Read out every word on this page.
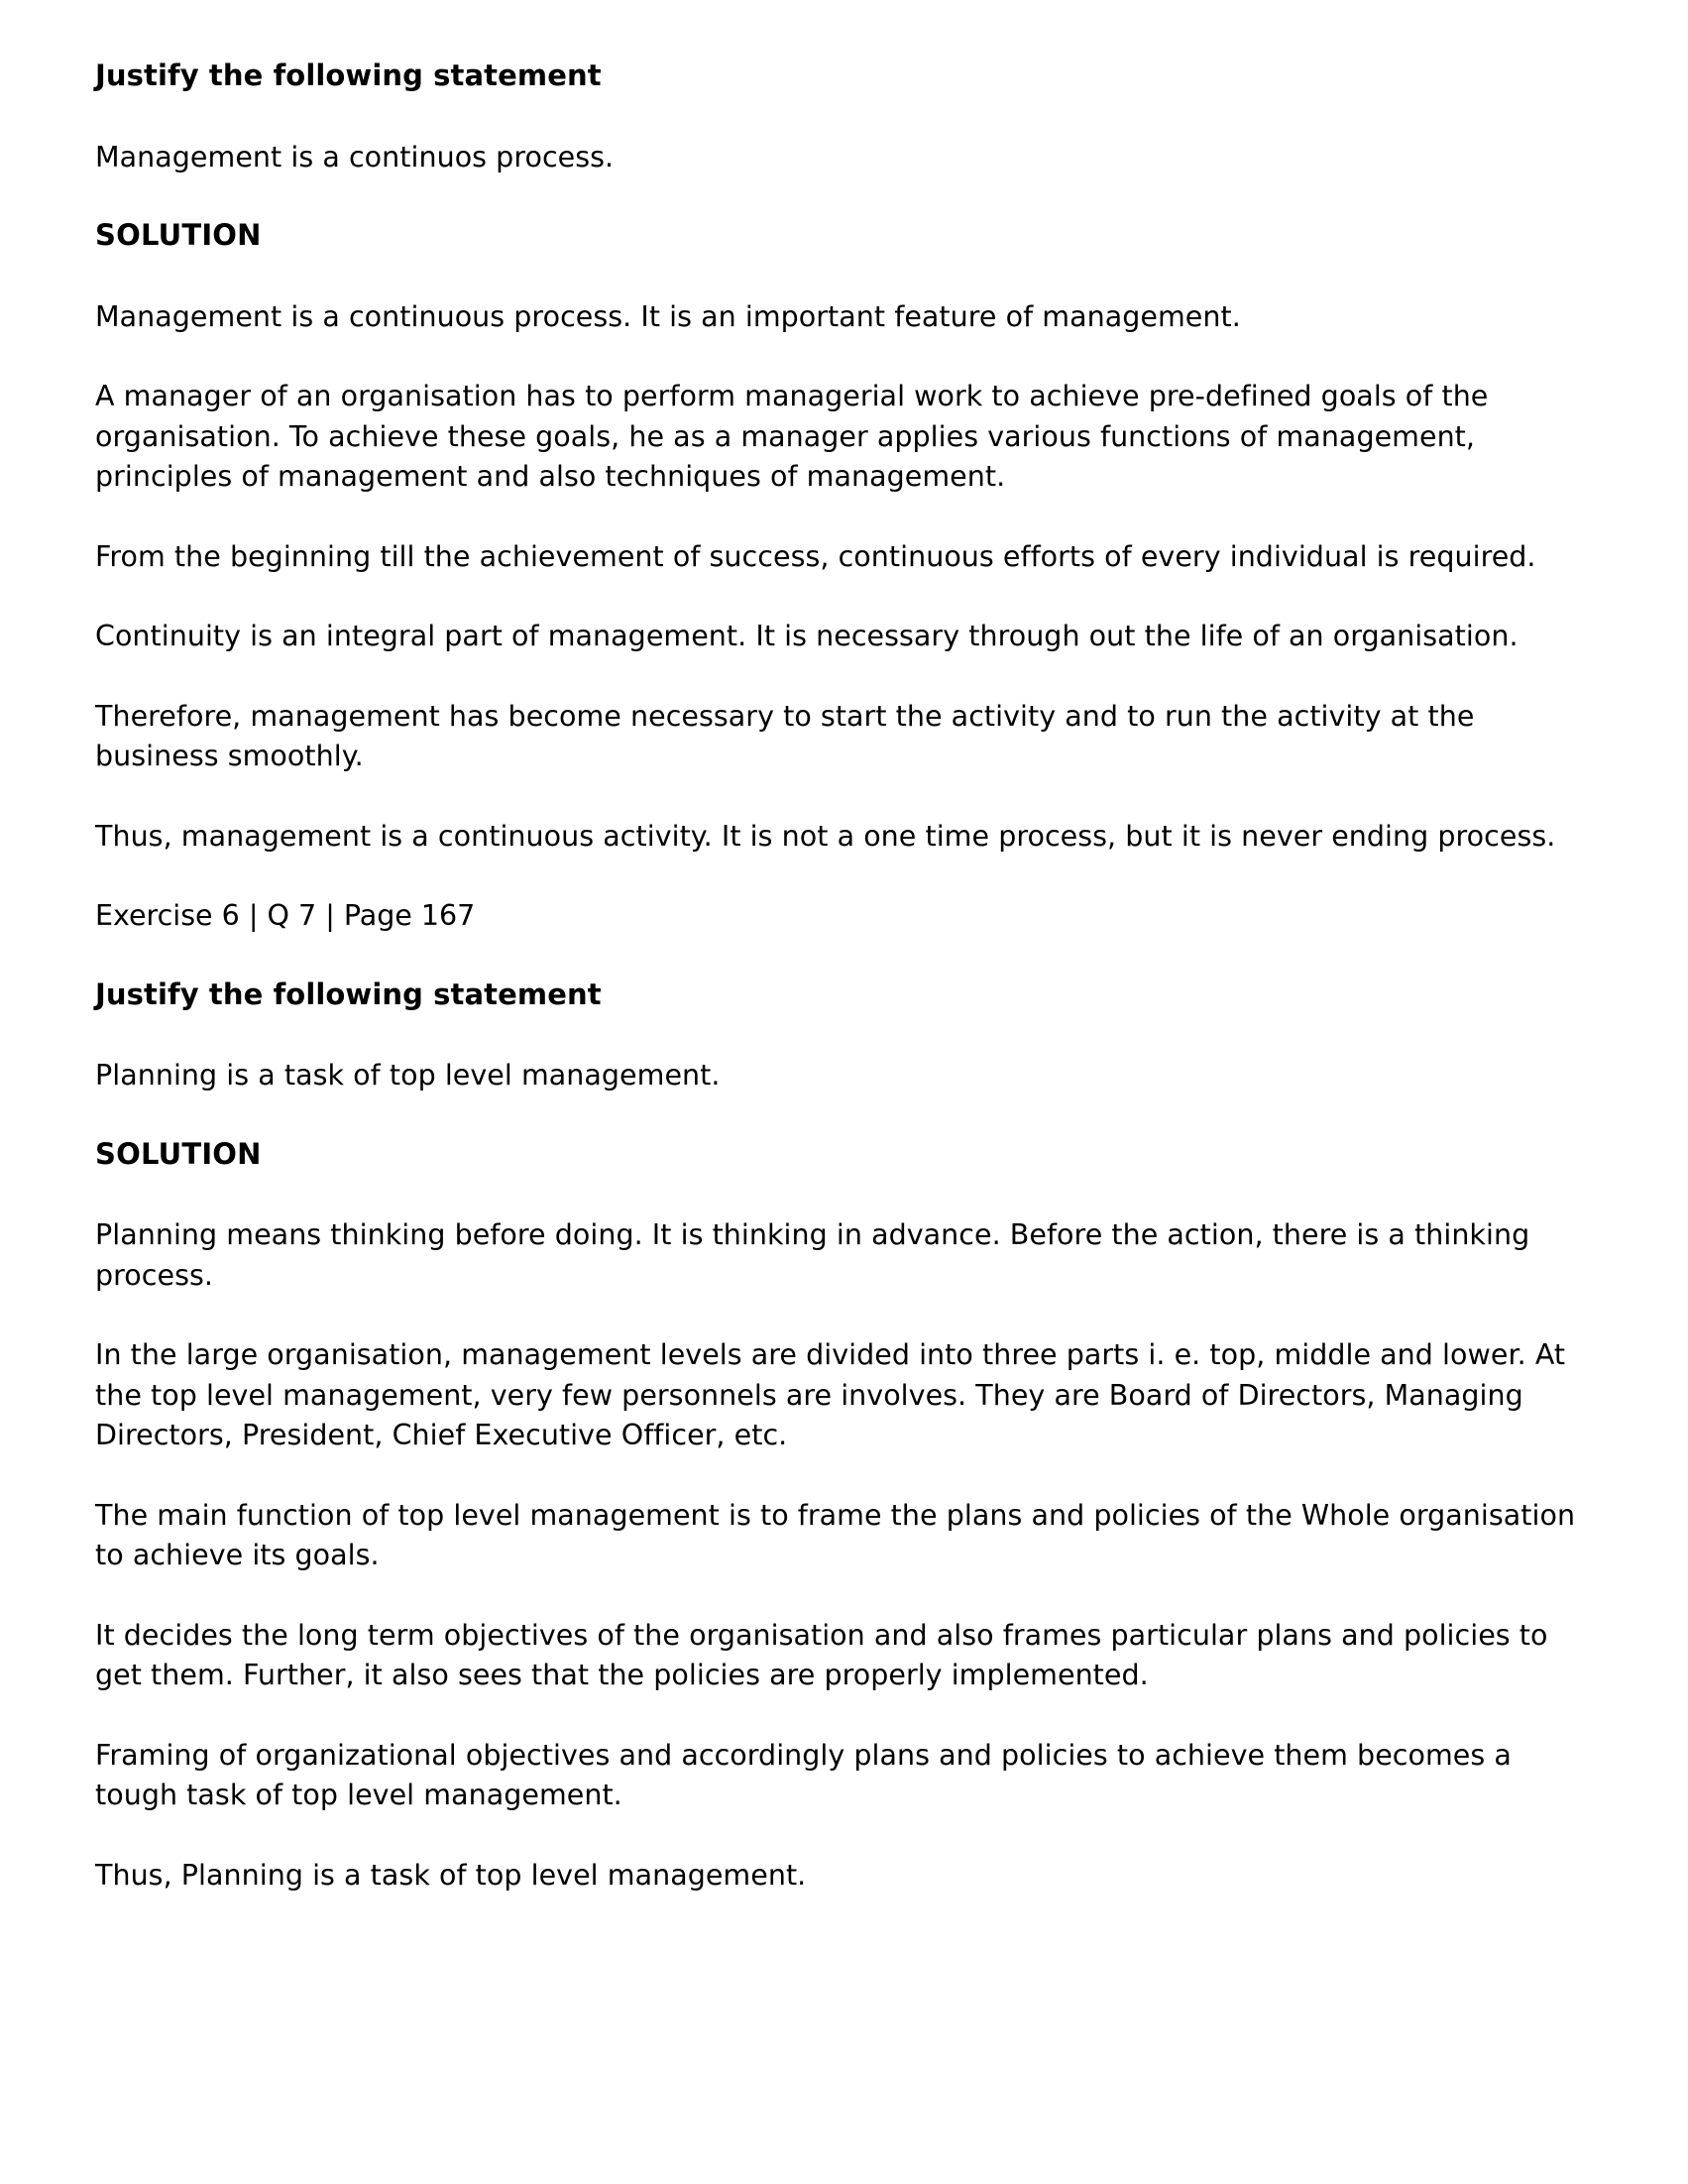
Justify the following statement

Management is a continuos process.

SOLUTION

Management is a continuous process. It is an important feature of management.

A manager of an organisation has to perform managerial work to achieve pre-defined goals of the organisation. To achieve these goals, he as a manager applies various functions of management, principles of management and also techniques of management.

From the beginning till the achievement of success, continuous efforts of every individual is required.

Continuity is an integral part of management. It is necessary through out the life of an organisation.

Therefore, management has become necessary to start the activity and to run the activity at the business smoothly.

Thus, management is a continuous activity. It is not a one time process, but it is never ending process.

Exercise 6 | Q 7 | Page 167

Justify the following statement

Planning is a task of top level management.

SOLUTION

Planning means thinking before doing. It is thinking in advance. Before the action, there is a thinking process.

In the large organisation, management levels are divided into three parts i. e. top, middle and lower. At the top level management, very few personnels are involves. They are Board of Directors, Managing Directors, President, Chief Executive Officer, etc.

The main function of top level management is to frame the plans and policies of the Whole organisation to achieve its goals.

It decides the long term objectives of the organisation and also frames particular plans and policies to get them. Further, it also sees that the policies are properly implemented.

Framing of organizational objectives and accordingly plans and policies to achieve them becomes a tough task of top level management.

Thus, Planning is a task of top level management.
